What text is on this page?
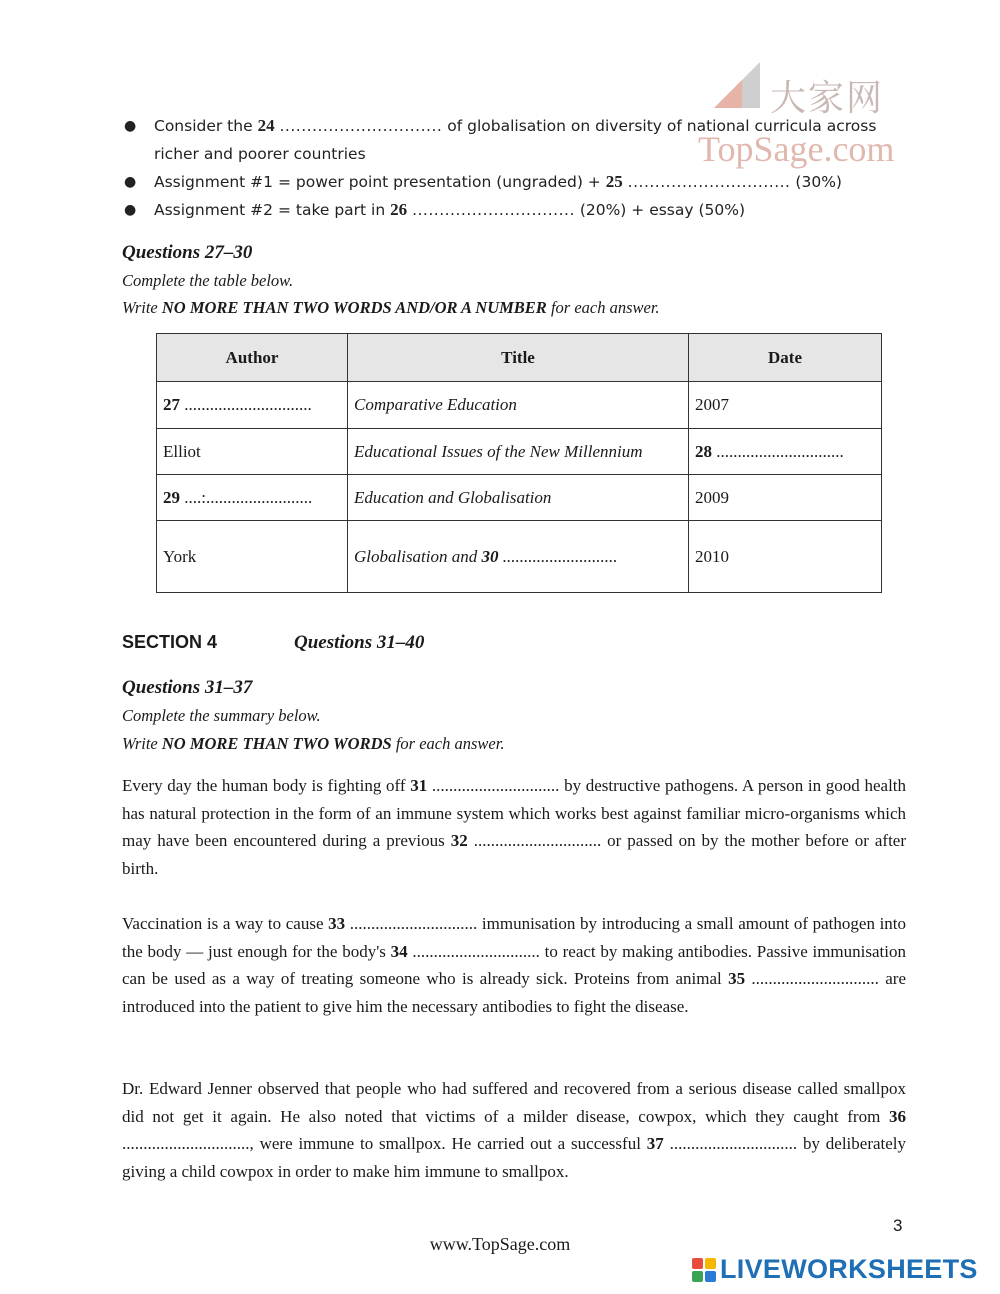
大家网
TopSage.com
● Consider the 24 .............................. of globalisation on diversity of national curricula across richer and poorer countries
● Assignment #1 = power point presentation (ungraded) + 25 .............................. (30%)
● Assignment #2 = take part in 26 .............................. (20%) + essay (50%)
Questions 27–30
Complete the table below.
Write NO MORE THAN TWO WORDS AND/OR A NUMBER for each answer.
Author	Title	Date
27 ..............................	Comparative Education	2007
Elliot	Educational Issues of the New Millennium	28 ..............................
29 ....:.........................	Education and Globalisation	2009
York	Globalisation and 30 ...........................	2010
SECTION 4	Questions 31–40
Questions 31–37
Complete the summary below.
Write NO MORE THAN TWO WORDS for each answer.
Every day the human body is fighting off 31 .............................. by destructive pathogens. A person in good health has natural protection in the form of an immune system which works best against familiar micro-organisms which may have been encountered during a previous 32 .............................. or passed on by the mother before or after birth.
Vaccination is a way to cause 33 .............................. immunisation by introducing a small amount of pathogen into the body — just enough for the body's 34 .............................. to react by making antibodies. Passive immunisation can be used as a way of treating someone who is already sick. Proteins from animal 35 .............................. are introduced into the patient to give him the necessary antibodies to fight the disease.
Dr. Edward Jenner observed that people who had suffered and recovered from a serious disease called smallpox did not get it again. He also noted that victims of a milder disease, cowpox, which they caught from 36 .............................., were immune to smallpox. He carried out a successful 37 .............................. by deliberately giving a child cowpox in order to make him immune to smallpox.
3
www.TopSage.com
LIVEWORKSHEETS
